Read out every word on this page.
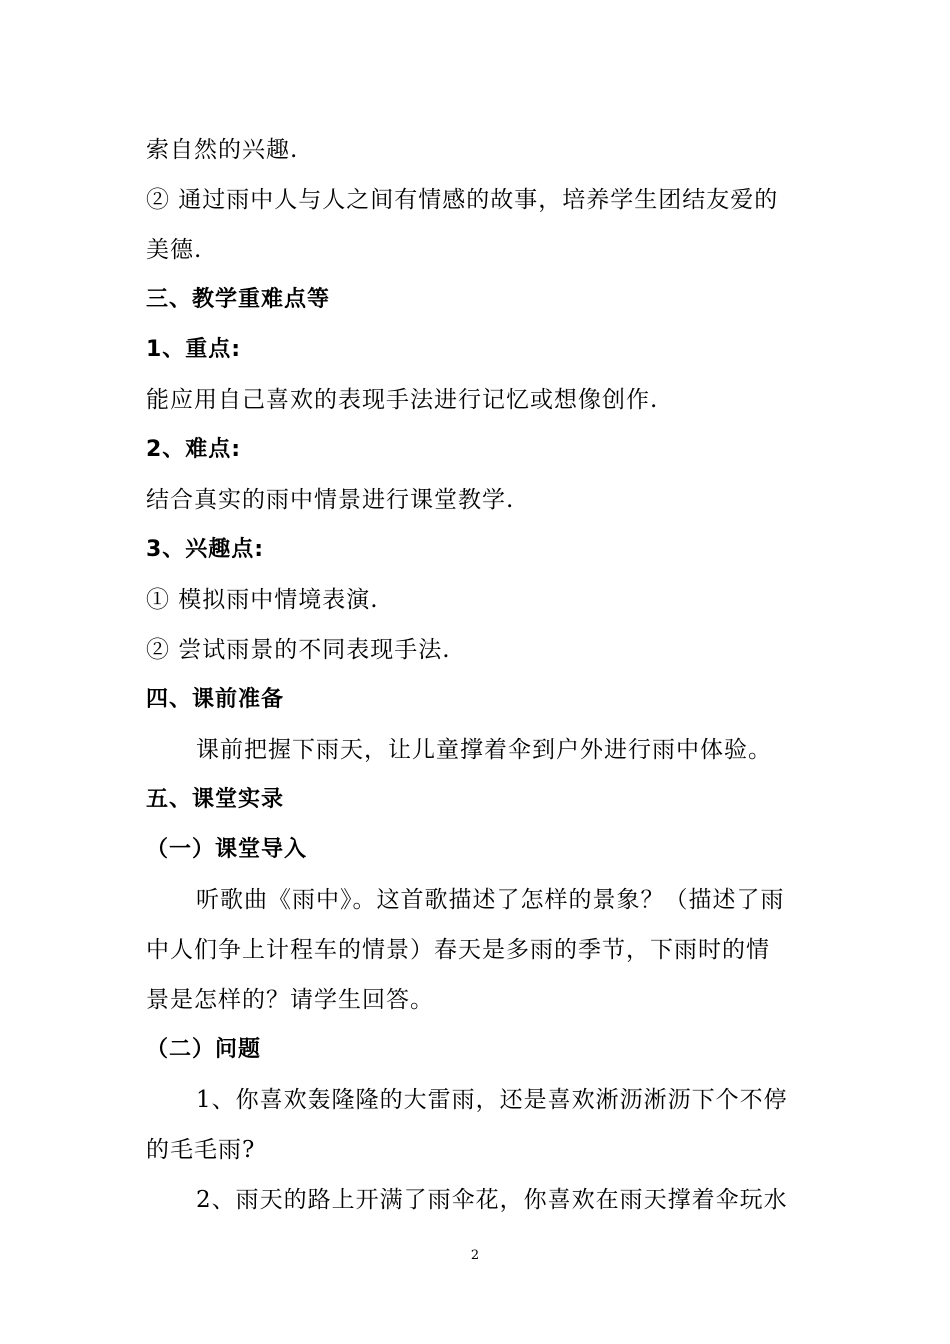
索自然的兴趣.
② 通过雨中人与人之间有情感的故事，培养学生团结友爱的
美德.
三、教学重难点等
1、重点:
能应用自己喜欢的表现手法进行记忆或想像创作.
2、难点:
结合真实的雨中情景进行课堂教学.
3、兴趣点:
① 模拟雨中情境表演.
② 尝试雨景的不同表现手法.
四、课前准备
课前把握下雨天，让儿童撑着伞到户外进行雨中体验。
五、课堂实录
（一）课堂导入
听歌曲《雨中》。这首歌描述了怎样的景象？（描述了雨
中人们争上计程车的情景）春天是多雨的季节，下雨时的情
景是怎样的？请学生回答。
（二）问题
1、你喜欢轰隆隆的大雷雨，还是喜欢淅沥淅沥下个不停
的毛毛雨?
2、雨天的路上开满了雨伞花，你喜欢在雨天撑着伞玩水
2
